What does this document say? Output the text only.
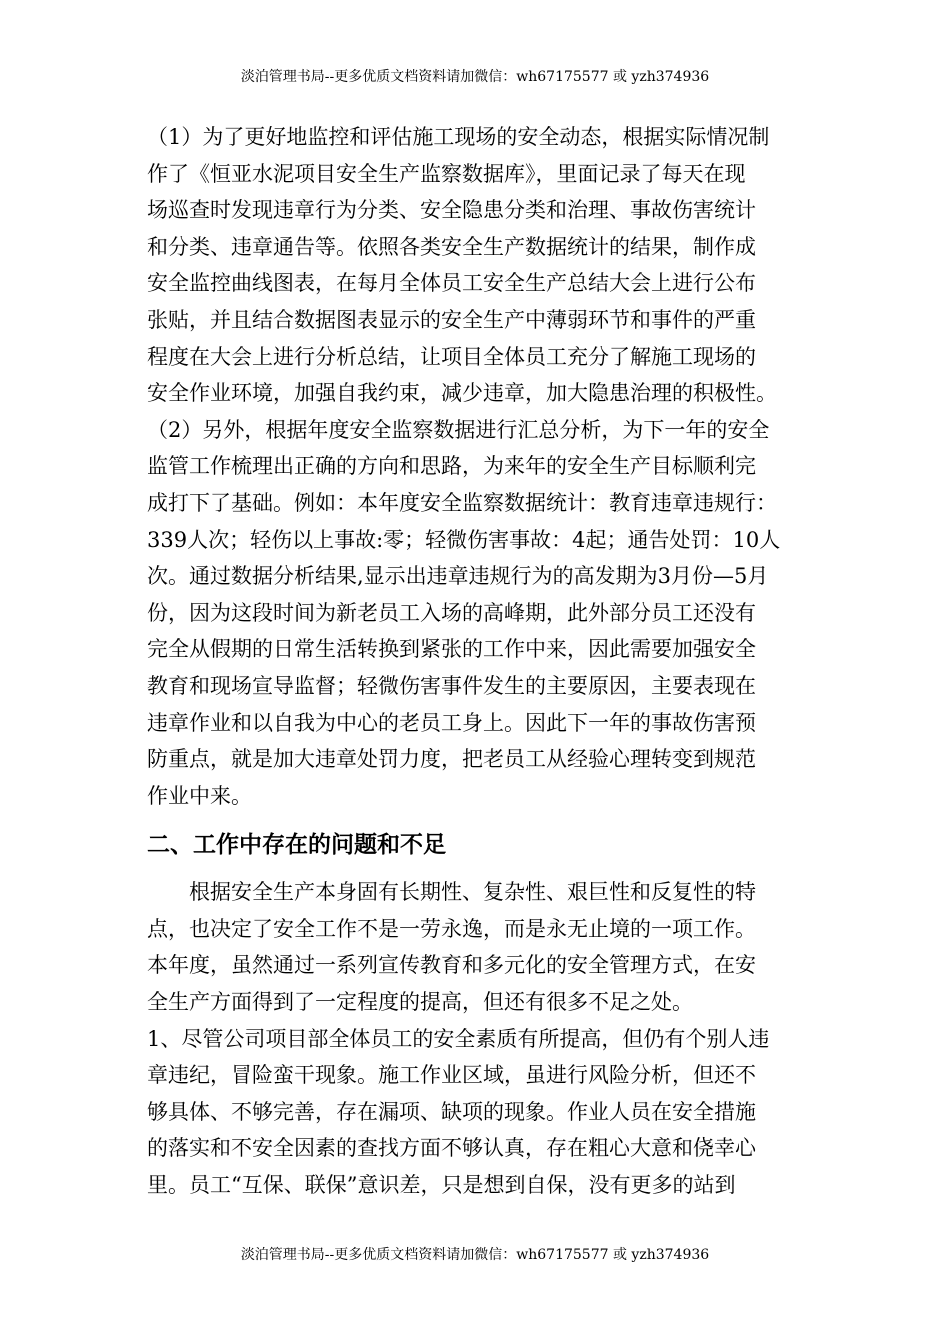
淡泊管理书局--更多优质文档资料请加微信：wh67175577 或 yzh374936
（1）为了更好地监控和评估施工现场的安全动态，根据实际情况制
作了《恒亚水泥项目安全生产监察数据库》，里面记录了每天在现
场巡查时发现违章行为分类、安全隐患分类和治理、事故伤害统计
和分类、违章通告等。依照各类安全生产数据统计的结果，制作成
安全监控曲线图表，在每月全体员工安全生产总结大会上进行公布
张贴，并且结合数据图表显示的安全生产中薄弱环节和事件的严重
程度在大会上进行分析总结，让项目全体员工充分了解施工现场的
安全作业环境，加强自我约束，减少违章，加大隐患治理的积极性。
（2）另外，根据年度安全监察数据进行汇总分析，为下一年的安全
监管工作梳理出正确的方向和思路，为来年的安全生产目标顺利完
成打下了基础。例如：本年度安全监察数据统计：教育违章违规行：
339人次；轻伤以上事故:零；轻微伤害事故：4起；通告处罚：10人
次。通过数据分析结果,显示出违章违规行为的高发期为3月份—5月
份，因为这段时间为新老员工入场的高峰期，此外部分员工还没有
完全从假期的日常生活转换到紧张的工作中来，因此需要加强安全
教育和现场宣导监督；轻微伤害事件发生的主要原因，主要表现在
违章作业和以自我为中心的老员工身上。因此下一年的事故伤害预
防重点，就是加大违章处罚力度，把老员工从经验心理转变到规范
作业中来。
二、工作中存在的问题和不足
　　根据安全生产本身固有长期性、复杂性、艰巨性和反复性的特
点，也决定了安全工作不是一劳永逸，而是永无止境的一项工作。
本年度，虽然通过一系列宣传教育和多元化的安全管理方式，在安
全生产方面得到了一定程度的提高，但还有很多不足之处。
1、尽管公司项目部全体员工的安全素质有所提高，但仍有个别人违
章违纪，冒险蛮干现象。施工作业区域，虽进行风险分析，但还不
够具体、不够完善，存在漏项、缺项的现象。作业人员在安全措施
的落实和不安全因素的查找方面不够认真，存在粗心大意和侥幸心
里。员工“互保、联保”意识差，只是想到自保，没有更多的站到
淡泊管理书局--更多优质文档资料请加微信：wh67175577 或 yzh374936
